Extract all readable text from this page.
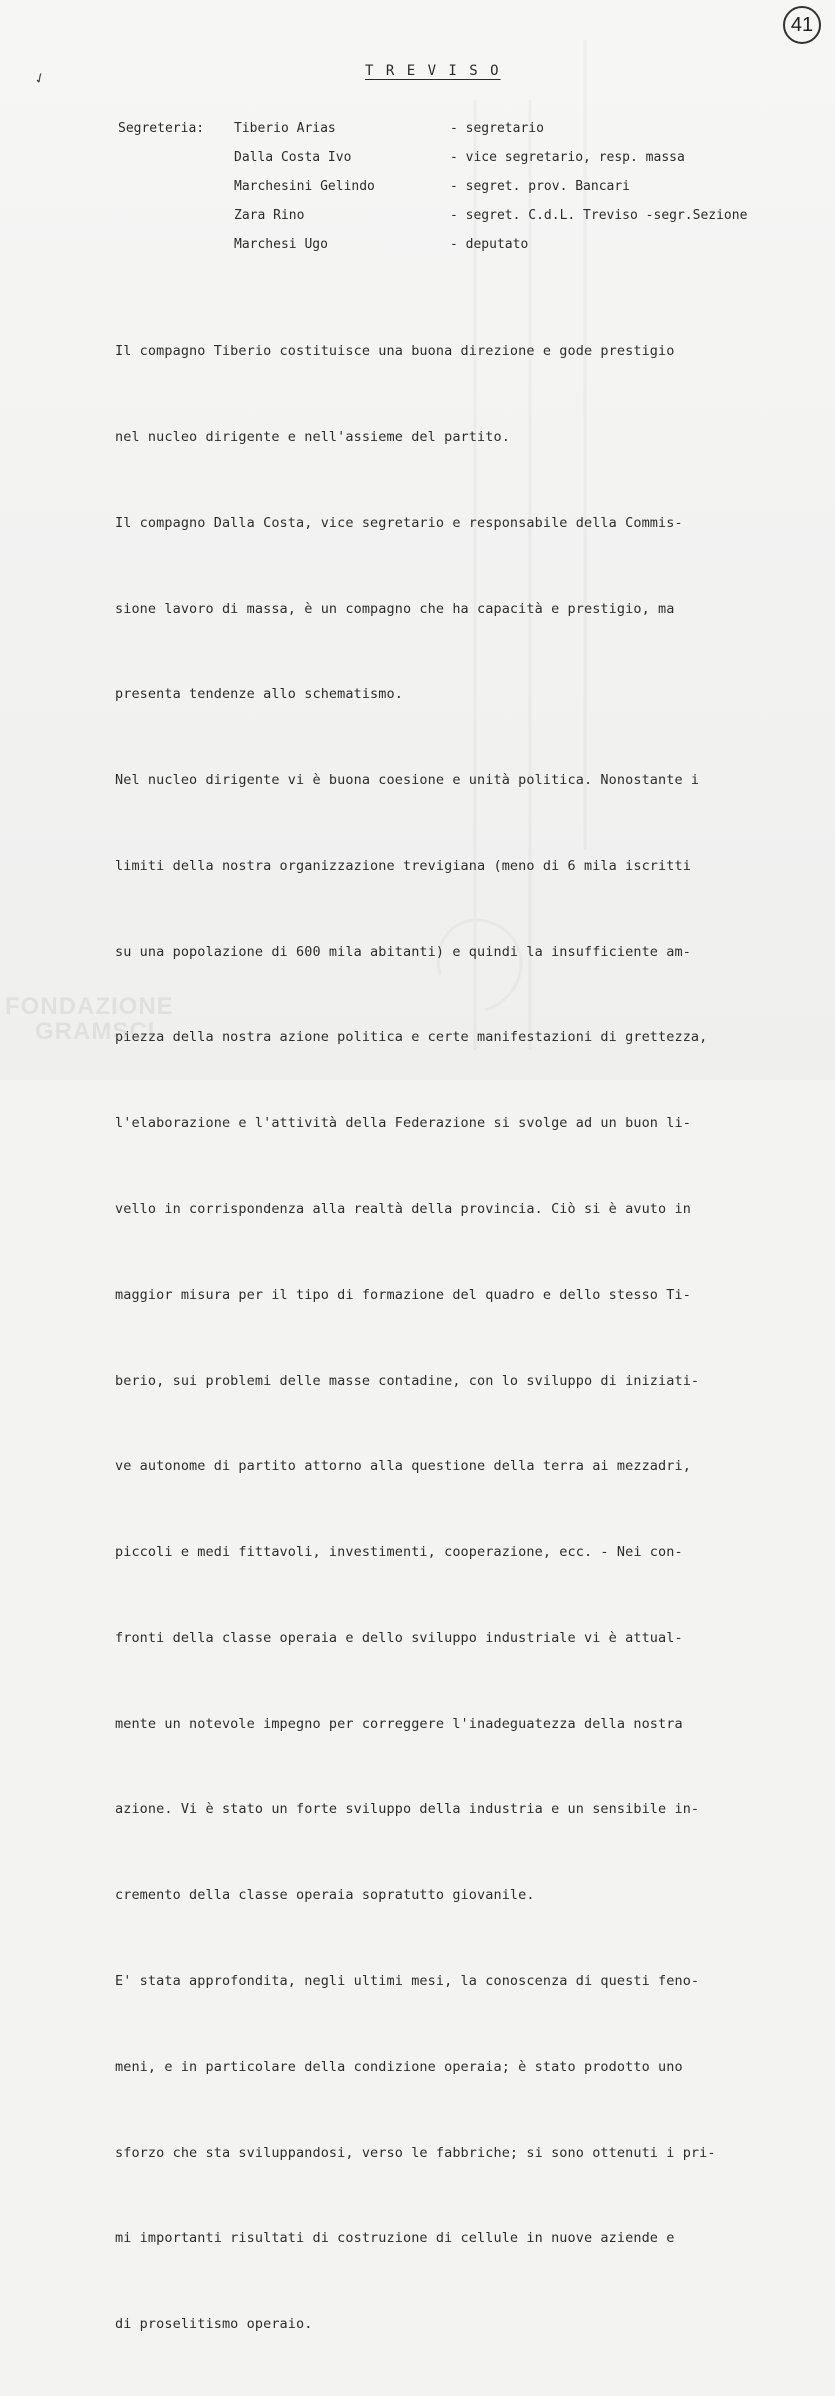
41
✓	T R E V I S O
Segreteria:	Tiberio Arias	- segretario
Dalla Costa Ivo	- vice segretario, resp. massa
Marchesini Gelindo	- segret. prov. Bancari
Zara Rino	- segret. C.d.L. Treviso -segr.Sezione
Marchesi Ugo	- deputato

Il compagno Tiberio costituisce una buona direzione e gode prestigio

nel nucleo dirigente e nell'assieme del partito.

Il compagno Dalla Costa, vice segretario e responsabile della Commis-

sione lavoro di massa, è un compagno che ha capacità e prestigio, ma

presenta tendenze allo schematismo.

Nel nucleo dirigente vi è buona coesione e unità politica. Nonostante i

limiti della nostra organizzazione trevigiana (meno di 6 mila iscritti

su una popolazione di 600 mila abitanti) e quindi la insufficiente am-

piezza della nostra azione politica e certe manifestazioni di grettezza,

l'elaborazione e l'attività della Federazione si svolge ad un buon li-

vello in corrispondenza alla realtà della provincia. Ciò si è avuto in

maggior misura per il tipo di formazione del quadro e dello stesso Ti-

berio, sui problemi delle masse contadine, con lo sviluppo di iniziati-

ve autonome di partito attorno alla questione della terra ai mezzadri,

piccoli e medi fittavoli, investimenti, cooperazione, ecc. - Nei con-

fronti della classe operaia e dello sviluppo industriale vi è attual-

mente un notevole impegno per correggere l'inadeguatezza della nostra

azione. Vi è stato un forte sviluppo della industria e un sensibile in-

cremento della classe operaia sopratutto giovanile.

E' stata approfondita, negli ultimi mesi, la conoscenza di questi feno-

meni, e in particolare della condizione operaia; è stato prodotto uno

sforzo che sta sviluppandosi, verso le fabbriche; si sono ottenuti i pri-

mi importanti risultati di costruzione di cellule in nuove aziende e

di proselitismo operaio.

FONDAZIONE
GRAMSCI
